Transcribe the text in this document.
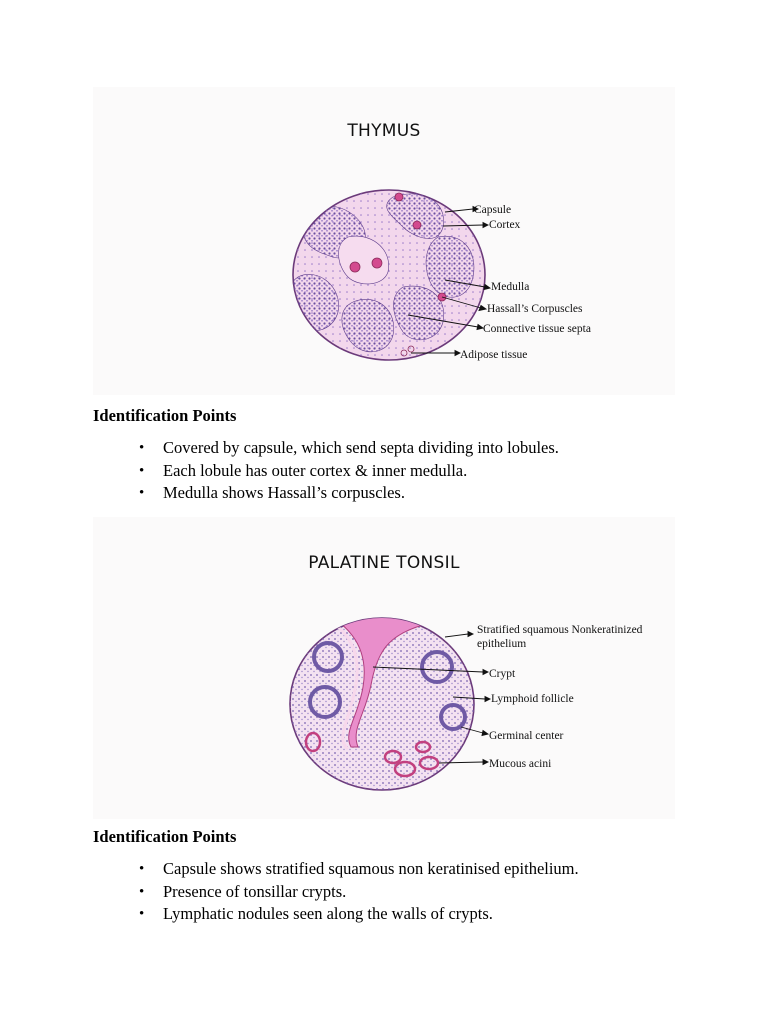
THYMUS
Capsule
Cortex
Medulla
Hassall’s Corpuscles
Connective tissue septa
Adipose tissue
Identification Points
• Covered by capsule, which send septa dividing into lobules.
• Each lobule has outer cortex & inner medulla.
• Medulla shows Hassall’s corpuscles.
PALATINE TONSIL
Stratified squamous Nonkeratinized
epithelium
Crypt
Lymphoid follicle
Germinal center
Mucous acini
Identification Points
• Capsule shows stratified squamous non keratinised epithelium.
• Presence of tonsillar crypts.
• Lymphatic nodules seen along the walls of crypts.
